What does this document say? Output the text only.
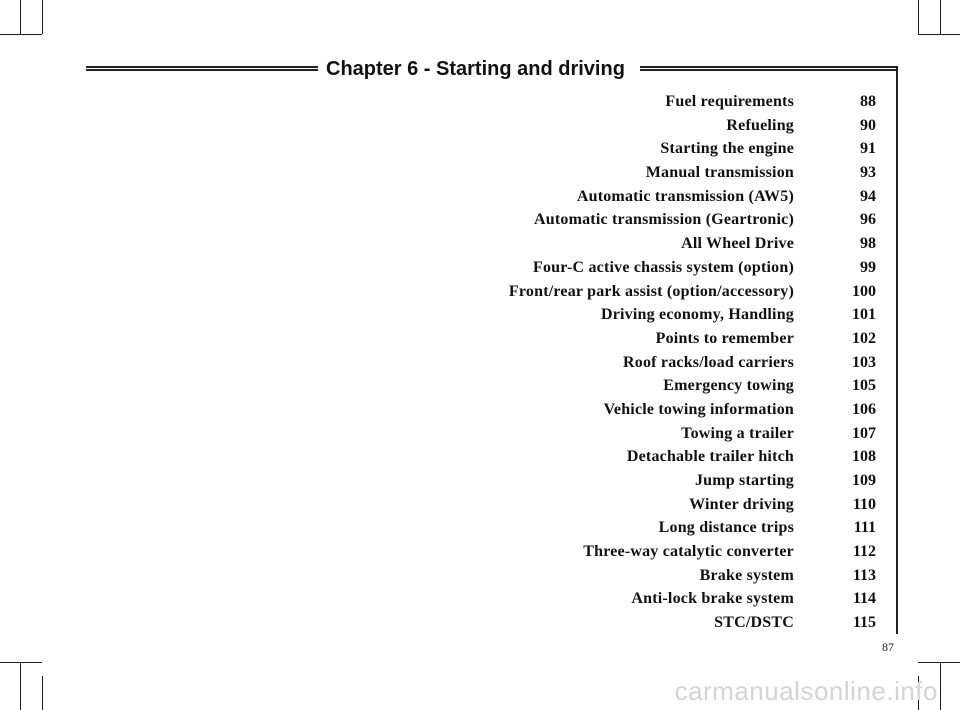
Chapter 6 - Starting and driving
Fuel requirements	88
Refueling	90
Starting the engine	91
Manual transmission	93
Automatic transmission (AW5)	94
Automatic transmission (Geartronic)	96
All Wheel Drive	98
Four-C active chassis system (option)	99
Front/rear park assist (option/accessory)	100
Driving economy, Handling	101
Points to remember	102
Roof racks/load carriers	103
Emergency towing	105
Vehicle towing information	106
Towing a trailer	107
Detachable trailer hitch	108
Jump starting	109
Winter driving	110
Long distance trips	111
Three-way catalytic converter	112
Brake system	113
Anti-lock brake system	114
STC/DSTC	115
87
carmanualsonline.info
